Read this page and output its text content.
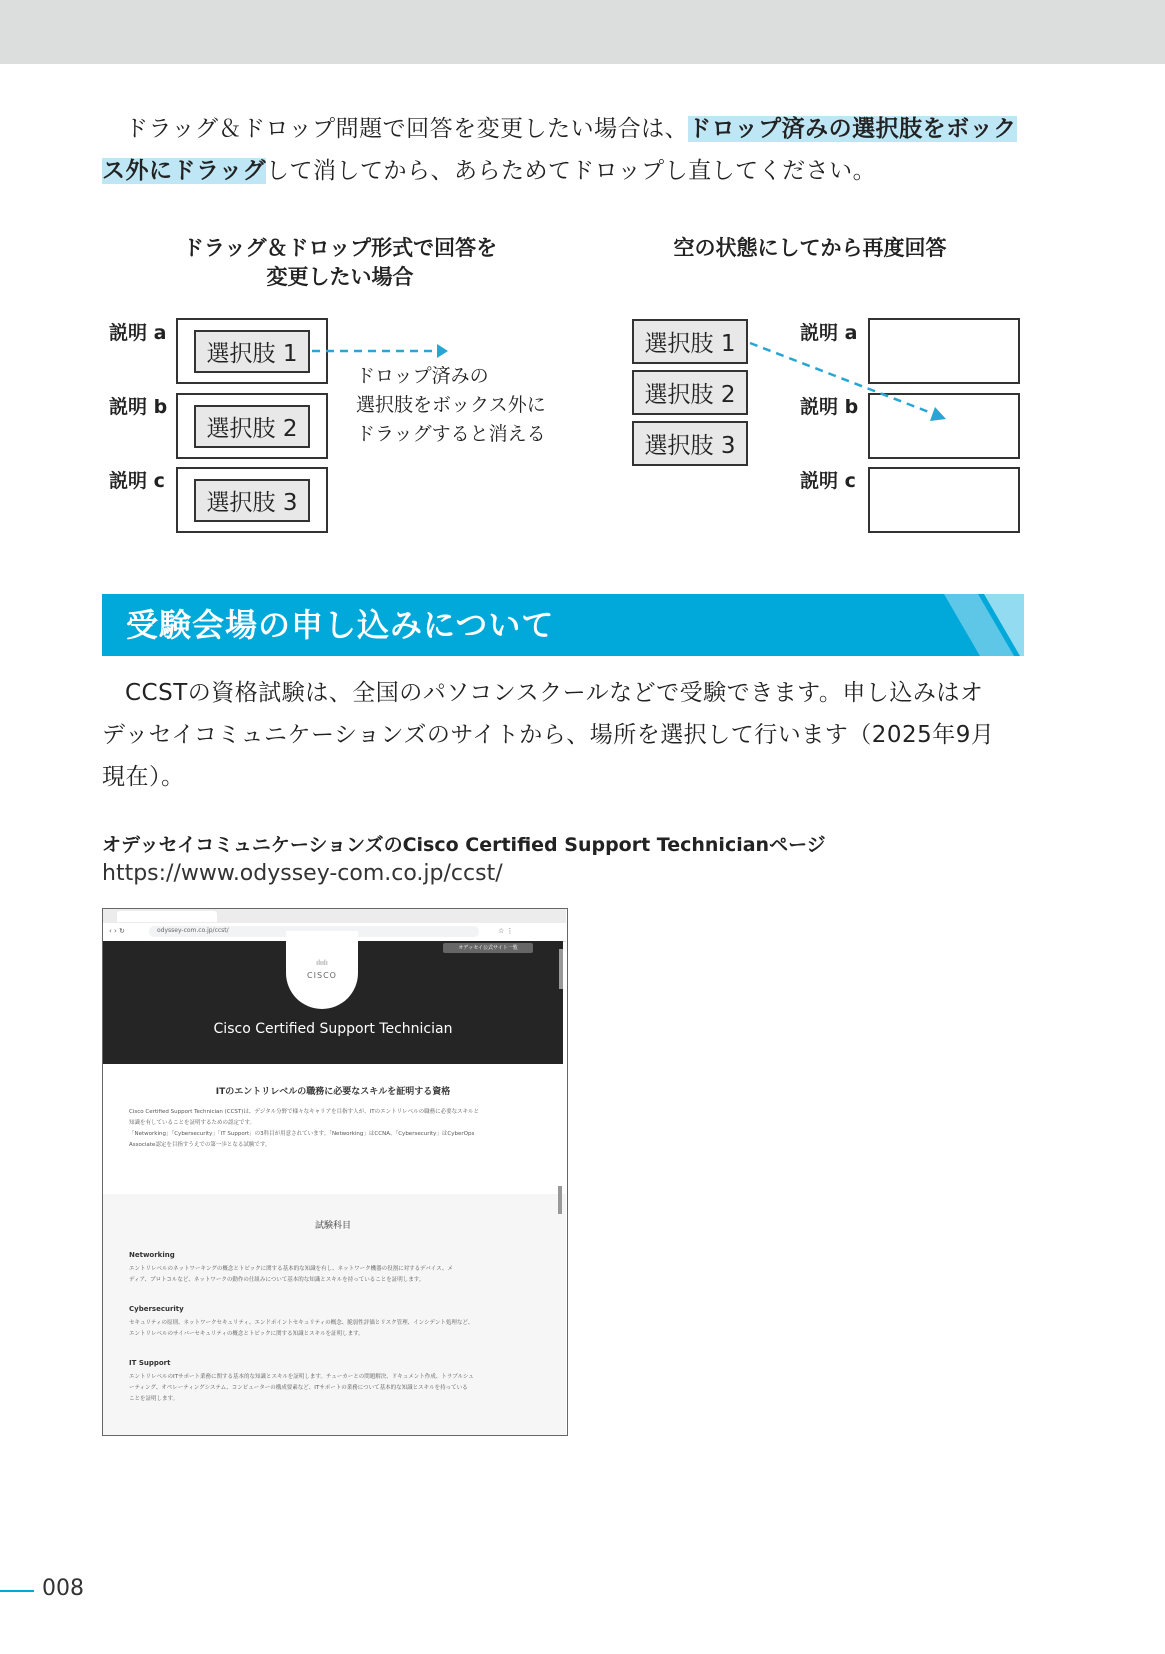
ドラッグ＆ドロップ問題で回答を変更したい場合は、ドロップ済みの選択肢をボック
ス外にドラッグして消してから、あらためてドロップし直してください。
ドラッグ＆ドロップ形式で回答を
変更したい場合
空の状態にしてから再度回答
説明 a
説明 b
説明 c
選択肢 1
選択肢 2
選択肢 3
ドロップ済みの
選択肢をボックス外に
ドラッグすると消える
選択肢 1
選択肢 2
選択肢 3
説明 a
説明 b
説明 c
受験会場の申し込みについて
CCSTの資格試験は、全国のパソコンスクールなどで受験できます。申し込みはオ
デッセイコミュニケーションズのサイトから、場所を選択して行います（2025年9月
現在）。
オデッセイコミュニケーションズのCisco Certified Support Technicianページ
https://www.odyssey-com.co.jp/ccst/
‹ › ↻	odyssey-com.co.jp/ccst/	☆ ⋮
CISCO
ılıılı
オデッセイ公式サイト一覧
Cisco Certified Support Technician
ITのエントリレベルの職務に必要なスキルを証明する資格
Cisco Certified Support Technician (CCST)は、デジタル分野で様々なキャリアを目指す人が、ITのエントリレベルの職務に必要なスキルと
知識を有していることを証明するための認定です。
「Networking」「Cybersecurity」「IT Support」の3科目が用意されています。「Networking」はCCNA、「Cybersecurity」はCyberOps
Associate認定を目指すうえでの第一歩となる試験です。
試験科目
Networking
エントリレベルのネットワーキングの概念とトピックに関する基本的な知識を有し、ネットワーク機器の役割に対するデバイス、メ
ディア、プロトコルなど、ネットワークの動作の仕組みについて基本的な知識とスキルを持っていることを証明します。
Cybersecurity
セキュリティの原則、ネットワークセキュリティ、エンドポイントセキュリティの概念、脆弱性評価とリスク管理、インシデント処理など、
エントリレベルのサイバーセキュリティの概念とトピックに関する知識とスキルを証明します。
IT Support
エントリレベルのITサポート業務に関する基本的な知識とスキルを証明します。チューカーとの問題解決、ドキュメント作成、トラブルシュ
ーティング、オペレーティングシステム、コンピューターの構成要素など、ITサポートの業務について基本的な知識とスキルを持っている
ことを証明します。
008
